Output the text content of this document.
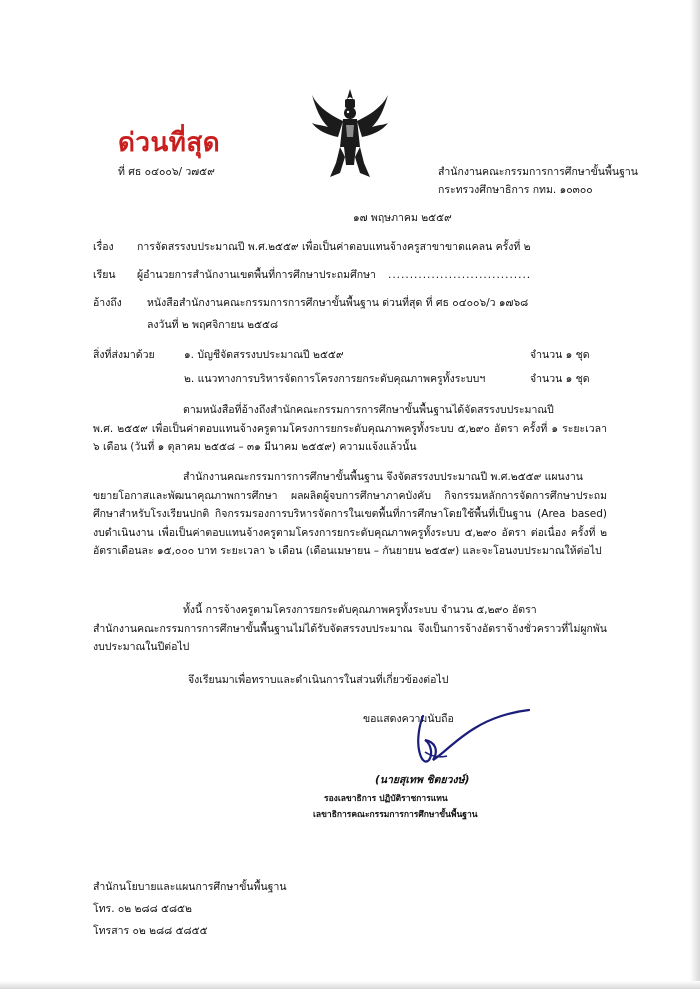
ด่วนที่สุด
ที่ ศธ ๐๔๐๐๖/ ว๗๕๙	สำนักงานคณะกรรมการการศึกษาขั้นพื้นฐาน
กระทรวงศึกษาธิการ กทม. ๑๐๓๐๐
๑๗ พฤษภาคม ๒๕๕๙
เรื่อง การจัดสรรงบประมาณปี พ.ศ.๒๕๕๙ เพื่อเป็นค่าตอบแทนจ้างครูสาขาขาดแคลน ครั้งที่ ๒
เรียน ผู้อำนวยการสำนักงานเขตพื้นที่การศึกษาประถมศึกษา .................................
อ้างถึง หนังสือสำนักงานคณะกรรมการการศึกษาขั้นพื้นฐาน ด่วนที่สุด ที่ ศธ ๐๔๐๐๖/ว ๑๗๖๘
ลงวันที่ ๒ พฤศจิกายน ๒๕๕๘
สิ่งที่ส่งมาด้วย	๑. บัญชีจัดสรรงบประมาณปี ๒๕๕๙	จำนวน ๑ ชุด
๒. แนวทางการบริหารจัดการโครงการยกระดับคุณภาพครูทั้งระบบฯ	จำนวน ๑ ชุด
ตามหนังสือที่อ้างถึงสำนักคณะกรรมการการศึกษาขั้นพื้นฐานได้จัดสรรงบประมาณปี
พ.ศ. ๒๕๕๙ เพื่อเป็นค่าตอบแทนจ้างครูตามโครงการยกระดับคุณภาพครูทั้งระบบ ๕,๒๙๐ อัตรา ครั้งที่ ๑ ระยะเวลา ๖ เดือน (วันที่ ๑ ตุลาคม ๒๕๕๘ – ๓๑ มีนาคม ๒๕๕๙) ความแจ้งแล้วนั้น
สำนักงานคณะกรรมการการศึกษาขั้นพื้นฐาน จึงจัดสรรงบประมาณปี พ.ศ.๒๕๕๙ แผนงาน
ขยายโอกาสและพัฒนาคุณภาพการศึกษา ผลผลิตผู้จบการศึกษาภาคบังคับ กิจกรรมหลักการจัดการศึกษาประถมศึกษาสำหรับโรงเรียนปกติ กิจกรรมรองการบริหารจัดการในเขตพื้นที่การศึกษาโดยใช้พื้นที่เป็นฐาน (Area based) งบดำเนินงาน เพื่อเป็นค่าตอบแทนจ้างครูตามโครงการยกระดับคุณภาพครูทั้งระบบ ๕,๒๙๐ อัตรา ต่อเนื่อง ครั้งที่ ๒ อัตราเดือนละ ๑๕,๐๐๐ บาท ระยะเวลา ๖ เดือน (เดือนเมษายน – กันยายน ๒๕๕๙) และจะโอนงบประมาณให้ต่อไป
ทั้งนี้ การจ้างครูตามโครงการยกระดับคุณภาพครูทั้งระบบ จำนวน ๕,๒๙๐ อัตรา
สำนักงานคณะกรรมการการศึกษาขั้นพื้นฐานไม่ได้รับจัดสรรงบประมาณ จึงเป็นการจ้างอัตราจ้างชั่วคราวที่ไม่ผูกพันงบประมาณในปีต่อไป
จึงเรียนมาเพื่อทราบและดำเนินการในส่วนที่เกี่ยวข้องต่อไป
ขอแสดงความนับถือ
(นายสุเทพ ชิตยวงษ์)
รองเลขาธิการ ปฏิบัติราชการแทน
เลขาธิการคณะกรรมการการศึกษาขั้นพื้นฐาน
สำนักนโยบายและแผนการศึกษาขั้นพื้นฐาน
โทร. ๐๒ ๒๘๘ ๕๘๕๒
โทรสาร ๐๒ ๒๘๘ ๕๘๕๕
